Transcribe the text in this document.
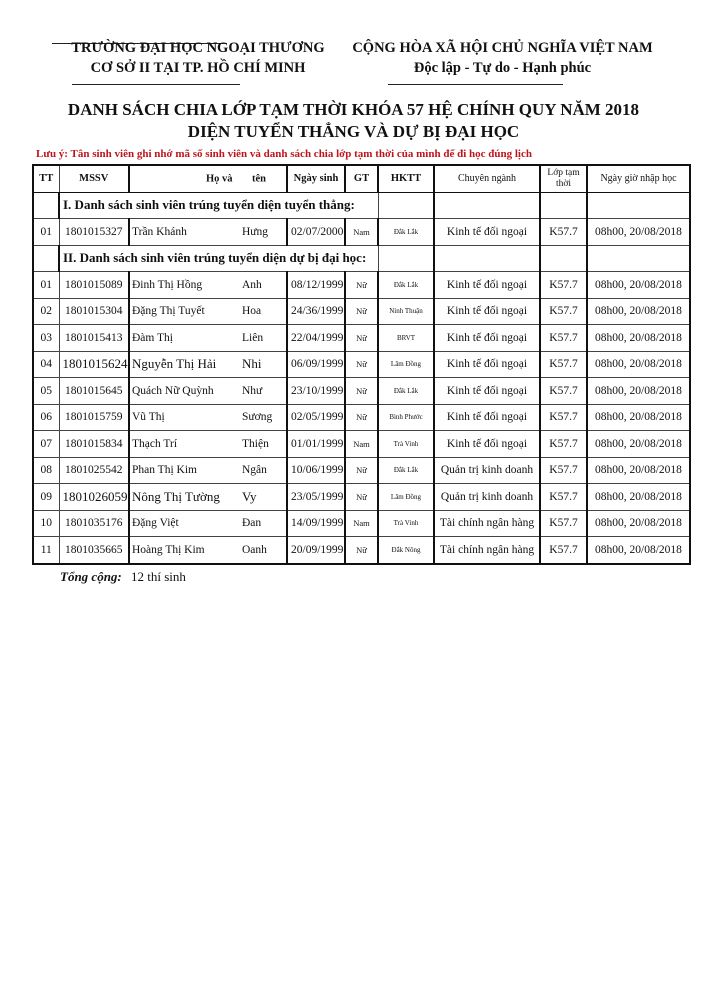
TRƯỜNG ĐẠI HỌC NGOẠI THƯƠNG
CƠ SỞ II TẠI TP. HỒ CHÍ MINH
CỘNG HÒA XÃ HỘI CHỦ NGHĨA VIỆT NAM
Độc lập - Tự do - Hạnh phúc
DANH SÁCH CHIA LỚP TẠM THỜI KHÓA 57 HỆ CHÍNH QUY NĂM 2018
DIỆN TUYỂN THẲNG VÀ DỰ BỊ ĐẠI HỌC
Lưu ý: Tân sinh viên ghi nhớ mã số sinh viên và danh sách chia lớp tạm thời của mình để đi học đúng lịch
TT	MSSV	Họ và tên	Ngày sinh	GT	HKTT	Chuyên ngành	Lớp tạm thời	Ngày giờ nhập học
	I. Danh sách sinh viên trúng tuyển diện tuyển thẳng:							
01	1801015327	Trần Khánh Hưng	02/07/2000	Nam	Đắk Lắk	Kinh tế đối ngoại	K57.7	08h00, 20/08/2018
	II. Danh sách sinh viên trúng tuyển diện dự bị đại học:							
01	1801015089	Đinh Thị Hồng Anh	08/12/1999	Nữ	Đắk Lắk	Kinh tế đối ngoại	K57.7	08h00, 20/08/2018
02	1801015304	Đặng Thị Tuyết Hoa	24/36/1999	Nữ	Ninh Thuận	Kinh tế đối ngoại	K57.7	08h00, 20/08/2018
03	1801015413	Đàm Thị Liên	22/04/1999	Nữ	BRVT	Kinh tế đối ngoại	K57.7	08h00, 20/08/2018
04	1801015624	Nguyễn Thị Hải Nhi	06/09/1999	Nữ	Lâm Đồng	Kinh tế đối ngoại	K57.7	08h00, 20/08/2018
05	1801015645	Quách Nữ Quỳnh Như	23/10/1999	Nữ	Đắk Lắk	Kinh tế đối ngoại	K57.7	08h00, 20/08/2018
06	1801015759	Vũ Thị Sương	02/05/1999	Nữ	Bình Phước	Kinh tế đối ngoại	K57.7	08h00, 20/08/2018
07	1801015834	Thạch Trí Thiện	01/01/1999	Nam	Trà Vinh	Kinh tế đối ngoại	K57.7	08h00, 20/08/2018
08	1801025542	Phan Thị Kim Ngân	10/06/1999	Nữ	Đắk Lắk	Quản trị kinh doanh	K57.7	08h00, 20/08/2018
09	1801026059	Nông Thị Tường Vy	23/05/1999	Nữ	Lâm Đồng	Quản trị kinh doanh	K57.7	08h00, 20/08/2018
10	1801035176	Đặng Việt Đan	14/09/1999	Nam	Trà Vinh	Tài chính ngân hàng	K57.7	08h00, 20/08/2018
11	1801035665	Hoàng Thị Kim Oanh	20/09/1999	Nữ	Đắk Nông	Tài chính ngân hàng	K57.7	08h00, 20/08/2018
Tổng cộng: 12 thí sinh
